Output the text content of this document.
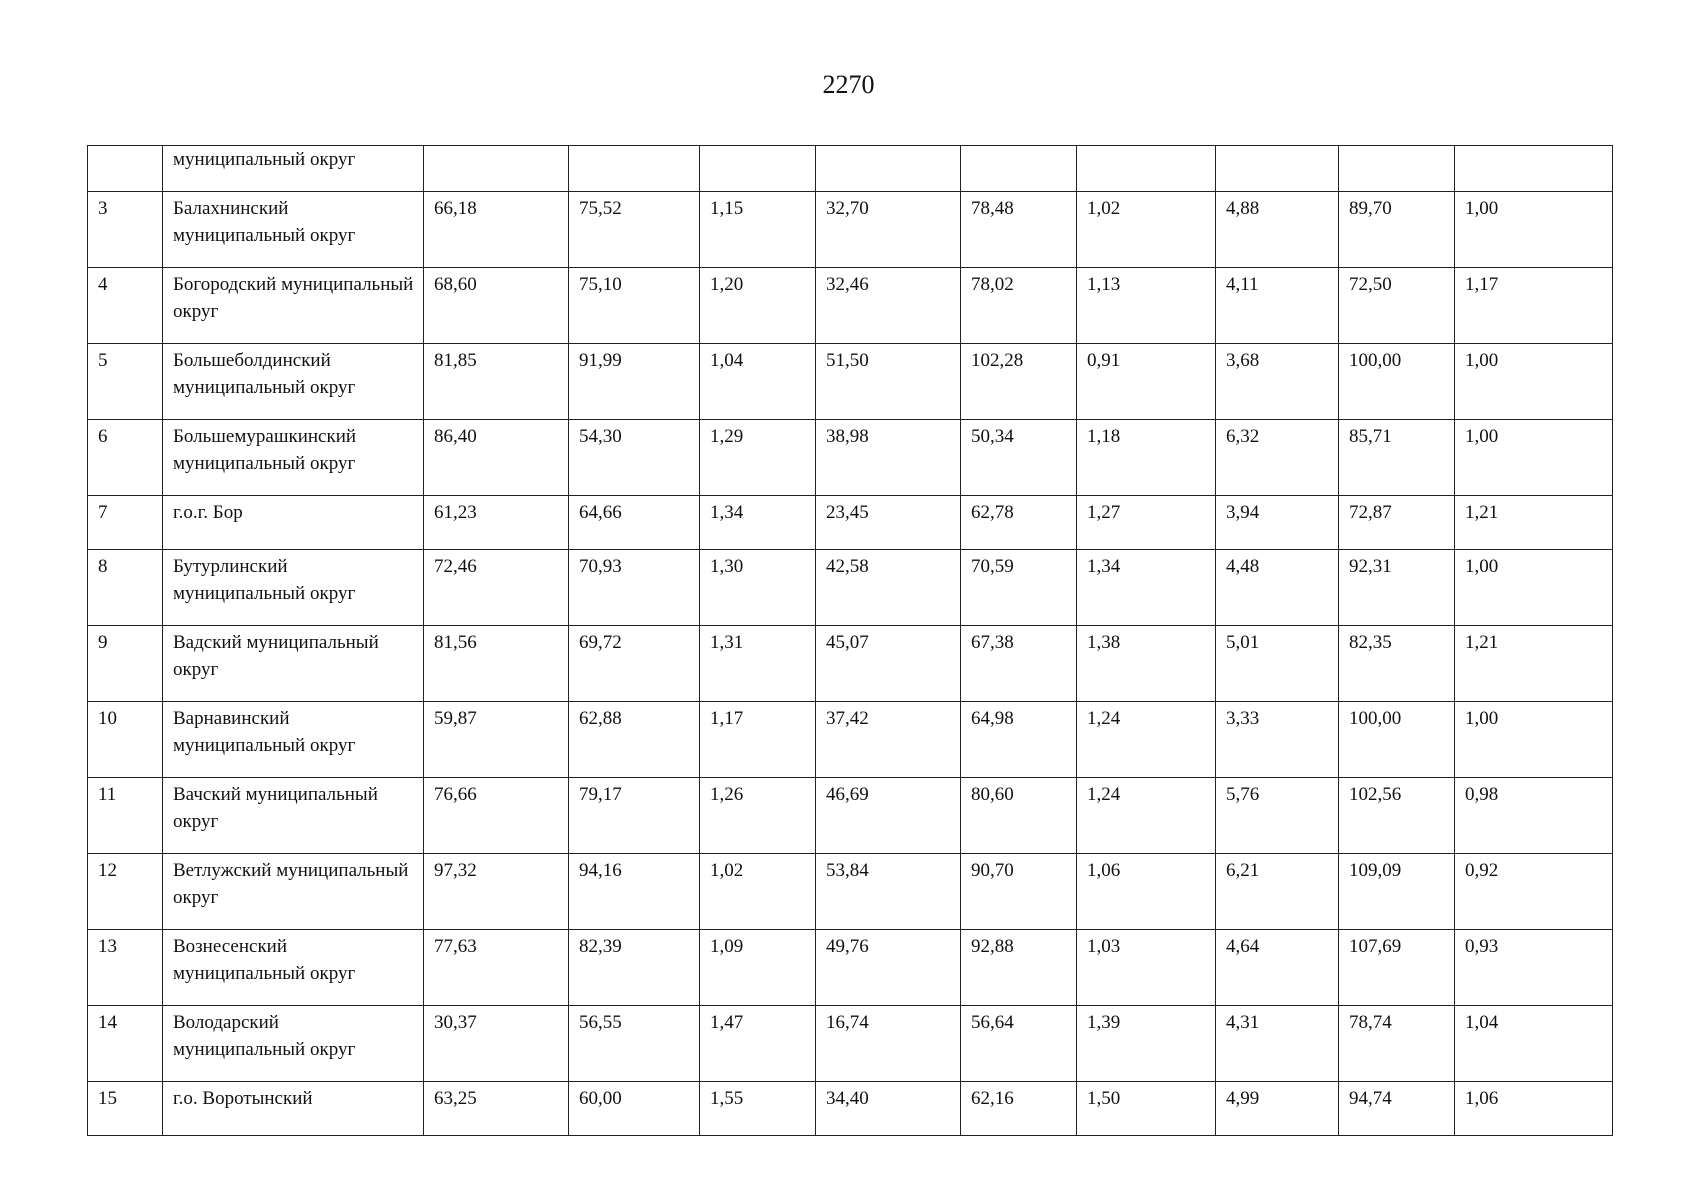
2270
	муниципальный округ									
3	Балахнинский муниципальный округ	66,18	75,52	1,15	32,70	78,48	1,02	4,88	89,70	1,00
4	Богородский муниципальный округ	68,60	75,10	1,20	32,46	78,02	1,13	4,11	72,50	1,17
5	Большеболдинский муниципальный округ	81,85	91,99	1,04	51,50	102,28	0,91	3,68	100,00	1,00
6	Большемурашкинский муниципальный округ	86,40	54,30	1,29	38,98	50,34	1,18	6,32	85,71	1,00
7	г.о.г. Бор	61,23	64,66	1,34	23,45	62,78	1,27	3,94	72,87	1,21
8	Бутурлинский муниципальный округ	72,46	70,93	1,30	42,58	70,59	1,34	4,48	92,31	1,00
9	Вадский муниципальный округ	81,56	69,72	1,31	45,07	67,38	1,38	5,01	82,35	1,21
10	Варнавинский муниципальный округ	59,87	62,88	1,17	37,42	64,98	1,24	3,33	100,00	1,00
11	Вачский муниципальный округ	76,66	79,17	1,26	46,69	80,60	1,24	5,76	102,56	0,98
12	Ветлужский муниципальный округ	97,32	94,16	1,02	53,84	90,70	1,06	6,21	109,09	0,92
13	Вознесенский муниципальный округ	77,63	82,39	1,09	49,76	92,88	1,03	4,64	107,69	0,93
14	Володарский муниципальный округ	30,37	56,55	1,47	16,74	56,64	1,39	4,31	78,74	1,04
15	г.о. Воротынский	63,25	60,00	1,55	34,40	62,16	1,50	4,99	94,74	1,06
